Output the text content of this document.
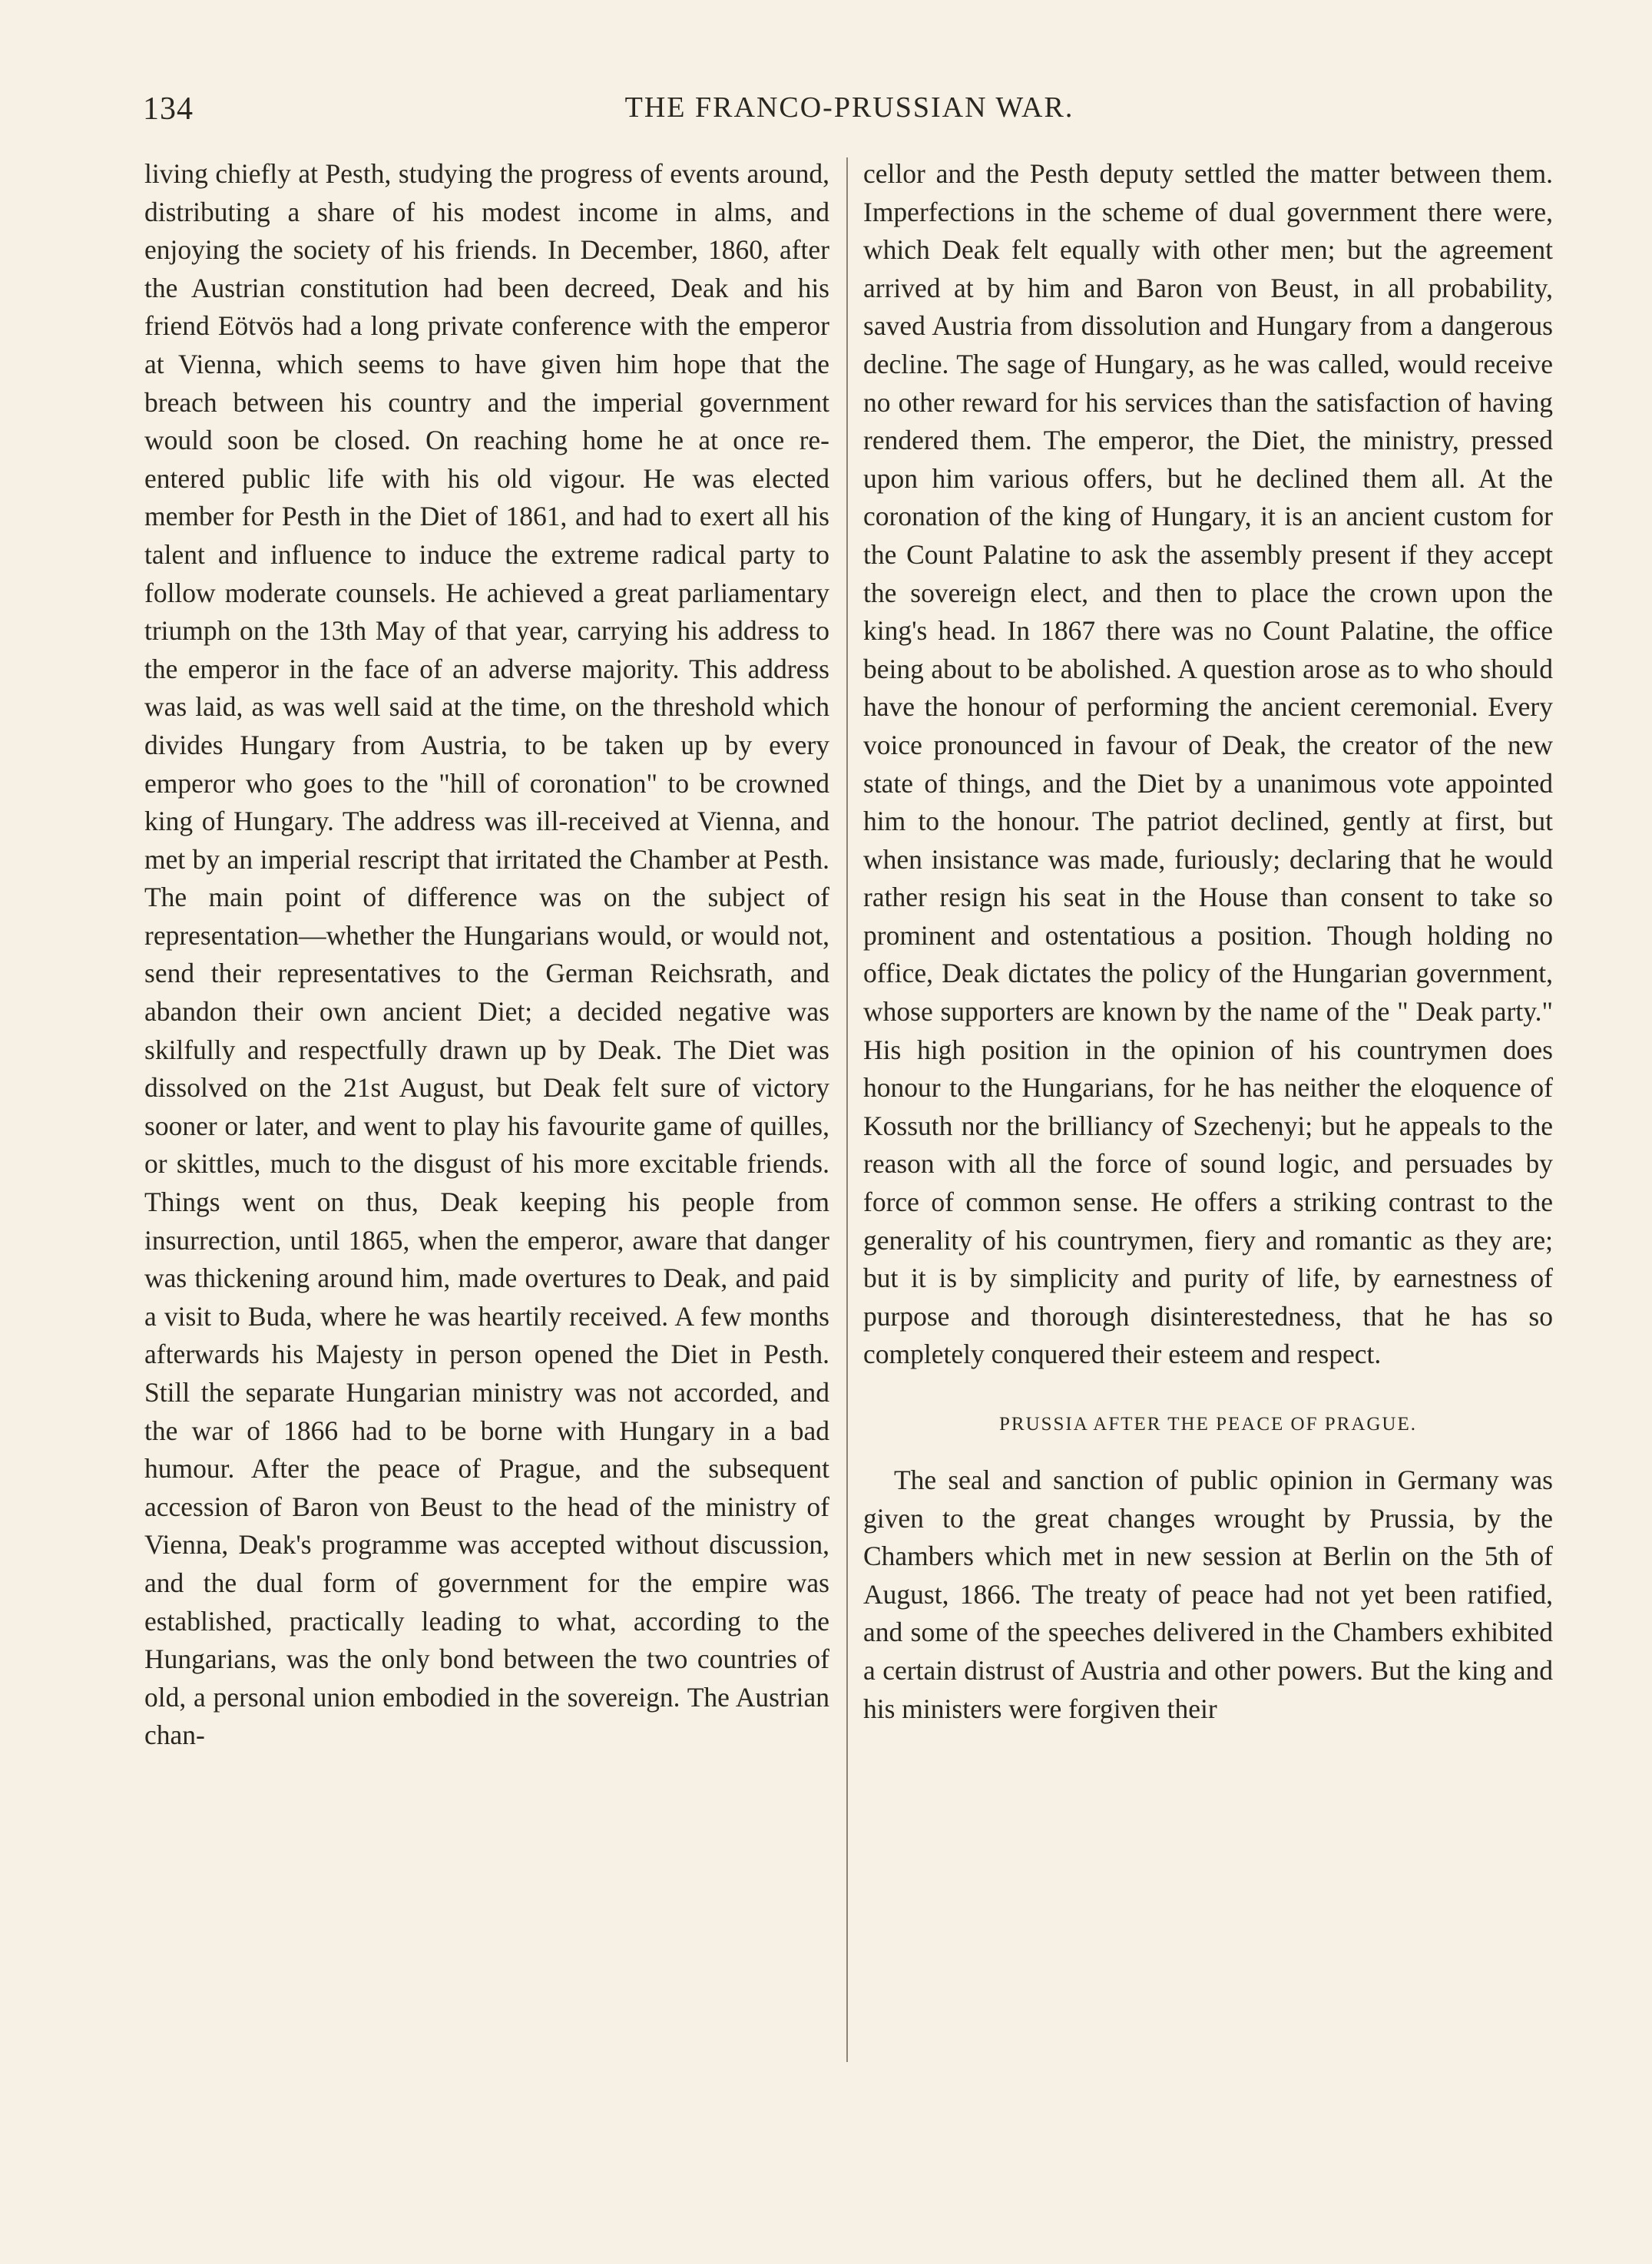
134	THE FRANCO-PRUSSIAN WAR.

living chiefly at Pesth, studying the progress of events around, distributing a share of his modest income in alms, and enjoying the society of his friends. In December, 1860, after the Austrian constitution had been decreed, Deak and his friend Eötvös had a long private conference with the emperor at Vienna, which seems to have given him hope that the breach between his country and the imperial government would soon be closed. On reaching home he at once re-entered public life with his old vigour. He was elected member for Pesth in the Diet of 1861, and had to exert all his talent and influence to induce the extreme radical party to follow moderate counsels. He achieved a great parliamentary triumph on the 13th May of that year, carrying his address to the emperor in the face of an adverse majority. This address was laid, as was well said at the time, on the threshold which divides Hungary from Austria, to be taken up by every emperor who goes to the "hill of coronation" to be crowned king of Hungary. The address was ill-received at Vienna, and met by an imperial rescript that irritated the Chamber at Pesth. The main point of difference was on the subject of representation—whether the Hungarians would, or would not, send their representatives to the German Reichsrath, and abandon their own ancient Diet; a decided negative was skilfully and respectfully drawn up by Deak. The Diet was dissolved on the 21st August, but Deak felt sure of victory sooner or later, and went to play his favourite game of quilles, or skittles, much to the disgust of his more excitable friends. Things went on thus, Deak keeping his people from insurrection, until 1865, when the emperor, aware that danger was thickening around him, made overtures to Deak, and paid a visit to Buda, where he was heartily received. A few months afterwards his Majesty in person opened the Diet in Pesth. Still the separate Hungarian ministry was not accorded, and the war of 1866 had to be borne with Hungary in a bad humour. After the peace of Prague, and the subsequent accession of Baron von Beust to the head of the ministry of Vienna, Deak's programme was accepted without discussion, and the dual form of government for the empire was established, practically leading to what, according to the Hungarians, was the only bond between the two countries of old, a personal union embodied in the sovereign. The Austrian chan-

cellor and the Pesth deputy settled the matter between them. Imperfections in the scheme of dual government there were, which Deak felt equally with other men; but the agreement arrived at by him and Baron von Beust, in all probability, saved Austria from dissolution and Hungary from a dangerous decline. The sage of Hungary, as he was called, would receive no other reward for his services than the satisfaction of having rendered them. The emperor, the Diet, the ministry, pressed upon him various offers, but he declined them all. At the coronation of the king of Hungary, it is an ancient custom for the Count Palatine to ask the assembly present if they accept the sovereign elect, and then to place the crown upon the king's head. In 1867 there was no Count Palatine, the office being about to be abolished. A question arose as to who should have the honour of performing the ancient ceremonial. Every voice pronounced in favour of Deak, the creator of the new state of things, and the Diet by a unanimous vote appointed him to the honour. The patriot declined, gently at first, but when insistance was made, furiously; declaring that he would rather resign his seat in the House than consent to take so prominent and ostentatious a position. Though holding no office, Deak dictates the policy of the Hungarian government, whose supporters are known by the name of the " Deak party." His high position in the opinion of his countrymen does honour to the Hungarians, for he has neither the eloquence of Kossuth nor the brilliancy of Szechenyi; but he appeals to the reason with all the force of sound logic, and persuades by force of common sense. He offers a striking contrast to the generality of his countrymen, fiery and romantic as they are; but it is by simplicity and purity of life, by earnestness of purpose and thorough disinterestedness, that he has so completely conquered their esteem and respect.

PRUSSIA AFTER THE PEACE OF PRAGUE.

The seal and sanction of public opinion in Germany was given to the great changes wrought by Prussia, by the Chambers which met in new session at Berlin on the 5th of August, 1866. The treaty of peace had not yet been ratified, and some of the speeches delivered in the Chambers exhibited a certain distrust of Austria and other powers. But the king and his ministers were forgiven their
